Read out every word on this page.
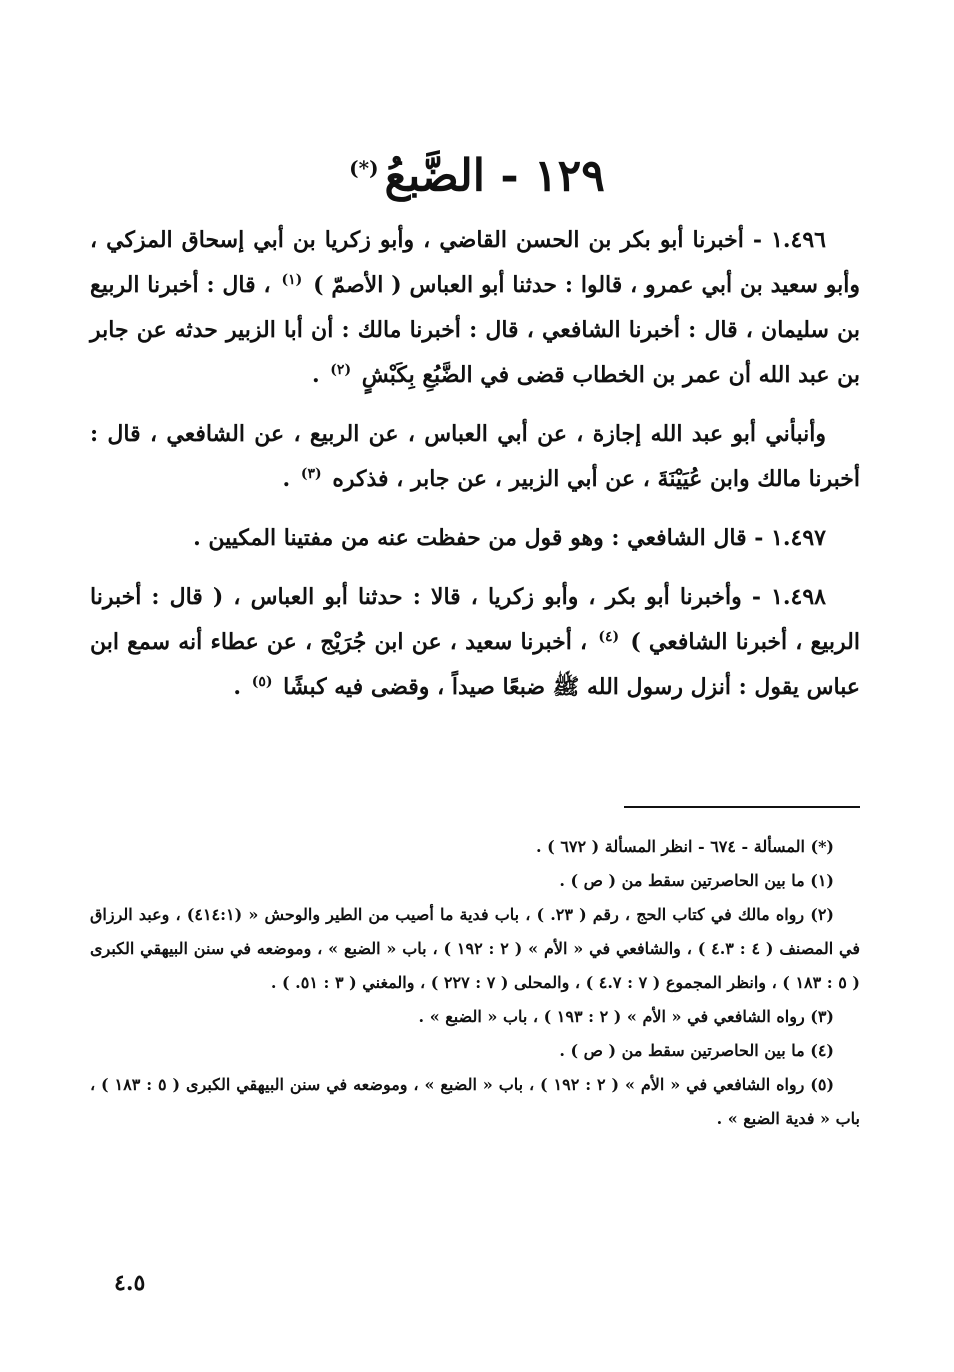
١٢٩ - الضَّبعُ(*)

١.٤٩٦ - أخبرنا أبو بكر بن الحسن القاضي ، وأبو زكريا بن أبي إسحاق المزكي ، وأبو سعيد بن أبي عمرو ، قالوا : حدثنا أبو العباس ( الأصمّ ) $^{(١)}$ ، قال : أخبرنا الربيع بن سليمان ، قال : أخبرنا الشافعي ، قال : أخبرنا مالك : أن أبا الزبير حدثه عن جابر بن عبد الله أن عمر بن الخطاب قضى في الضَّبُعِ بِكَبْشٍ $^{(٢)}$ .

وأنبأني أبو عبد الله إجازة ، عن أبي العباس ، عن الربيع ، عن الشافعي ، قال : أخبرنا مالك وابن عُيَيْنَةَ ، عن أبي الزبير ، عن جابر ، فذكره $^{(٣)}$ .

١.٤٩٧ - قال الشافعي : وهو قول من حفظت عنه من مفتينا المكيين .

١.٤٩٨ - وأخبرنا أبو بكر ، وأبو زكريا ، قالا : حدثنا أبو العباس ، ( قال : أخبرنا الربيع ، أخبرنا الشافعي ) $^{(٤)}$ ، أخبرنا سعيد ، عن ابن جُرَيْج ، عن عطاء أنه سمع ابن عباس يقول : أنزل رسول الله ﷺ ضبعًا صيداً ، وقضى فيه كبشًا $^{(٥)}$ .

(*) المسألة - ٦٧٤ - انظر المسألة ( ٦٧٢ ) .

(١) ما بين الحاصرتين سقط من ( ص ) .

(٢) رواه مالك في كتاب الحج ، رقم ( ٢٣. ) ، باب فدية ما أصيب من الطير والوحش « (٤١٤:١) ، وعبد الرزاق في المصنف ( ٤ : ٤.٣ ) ، والشافعي في « الأم » ( ٢ : ١٩٢ ) ، باب « الضبع » ، وموضعه في سنن البيهقي الكبرى ( ٥ : ١٨٣ ) ، وانظر المجموع ( ٧ : ٤.٧ ) ، والمحلى ( ٧ : ٢٢٧ ) ، والمغني ( ٣ : ٥١. ) .

(٣) رواه الشافعي في « الأم » ( ٢ : ١٩٣ ) ، باب « الضبع » .

(٤) ما بين الحاصرتين سقط من ( ص ) .

(٥) رواه الشافعي في « الأم » ( ٢ : ١٩٢ ) ، باب « الضبع » ، وموضعه في سنن البيهقي الكبرى ( ٥ : ١٨٣ ) ، باب « فدية الضبع » .

٤.٥
